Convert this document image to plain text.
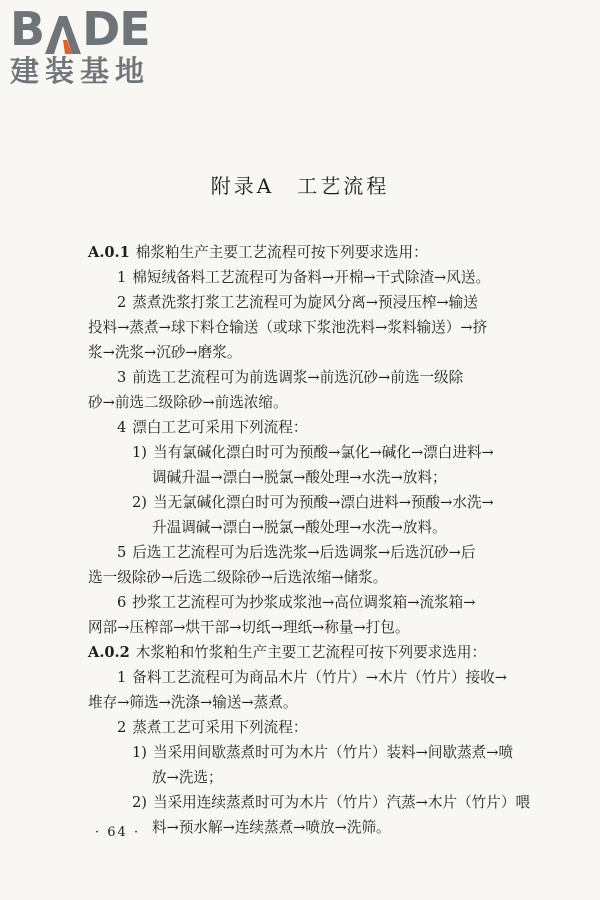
B DE
建装基地
附录A　工艺流程
A.0.1 棉浆粕生产主要工艺流程可按下列要求选用：
1 棉短绒备料工艺流程可为备料→开棉→干式除渣→风送。
2 蒸煮洗浆打浆工艺流程可为旋风分离→预浸压榨→输送
投料→蒸煮→球下料仓输送（或球下浆池洗料→浆料输送）→挤
浆→洗浆→沉砂→磨浆。
3 前选工艺流程可为前选调浆→前选沉砂→前选一级除
砂→前选二级除砂→前选浓缩。
4 漂白工艺可采用下列流程：
1) 当有氯碱化漂白时可为预酸→氯化→碱化→漂白进料→
调碱升温→漂白→脱氯→酸处理→水洗→放料；
2) 当无氯碱化漂白时可为预酸→漂白进料→预酸→水洗→
升温调碱→漂白→脱氯→酸处理→水洗→放料。
5 后选工艺流程可为后选洗浆→后选调浆→后选沉砂→后
选一级除砂→后选二级除砂→后选浓缩→储浆。
6 抄浆工艺流程可为抄浆成浆池→高位调浆箱→流浆箱→
网部→压榨部→烘干部→切纸→理纸→称量→打包。
A.0.2 木浆粕和竹浆粕生产主要工艺流程可按下列要求选用：
1 备料工艺流程可为商品木片（竹片）→木片（竹片）接收→
堆存→筛选→洗涤→输送→蒸煮。
2 蒸煮工艺可采用下列流程：
1) 当采用间歇蒸煮时可为木片（竹片）装料→间歇蒸煮→喷
放→洗选；
2) 当采用连续蒸煮时可为木片（竹片）汽蒸→木片（竹片）喂
料→预水解→连续蒸煮→喷放→洗筛。
· 64 ·
